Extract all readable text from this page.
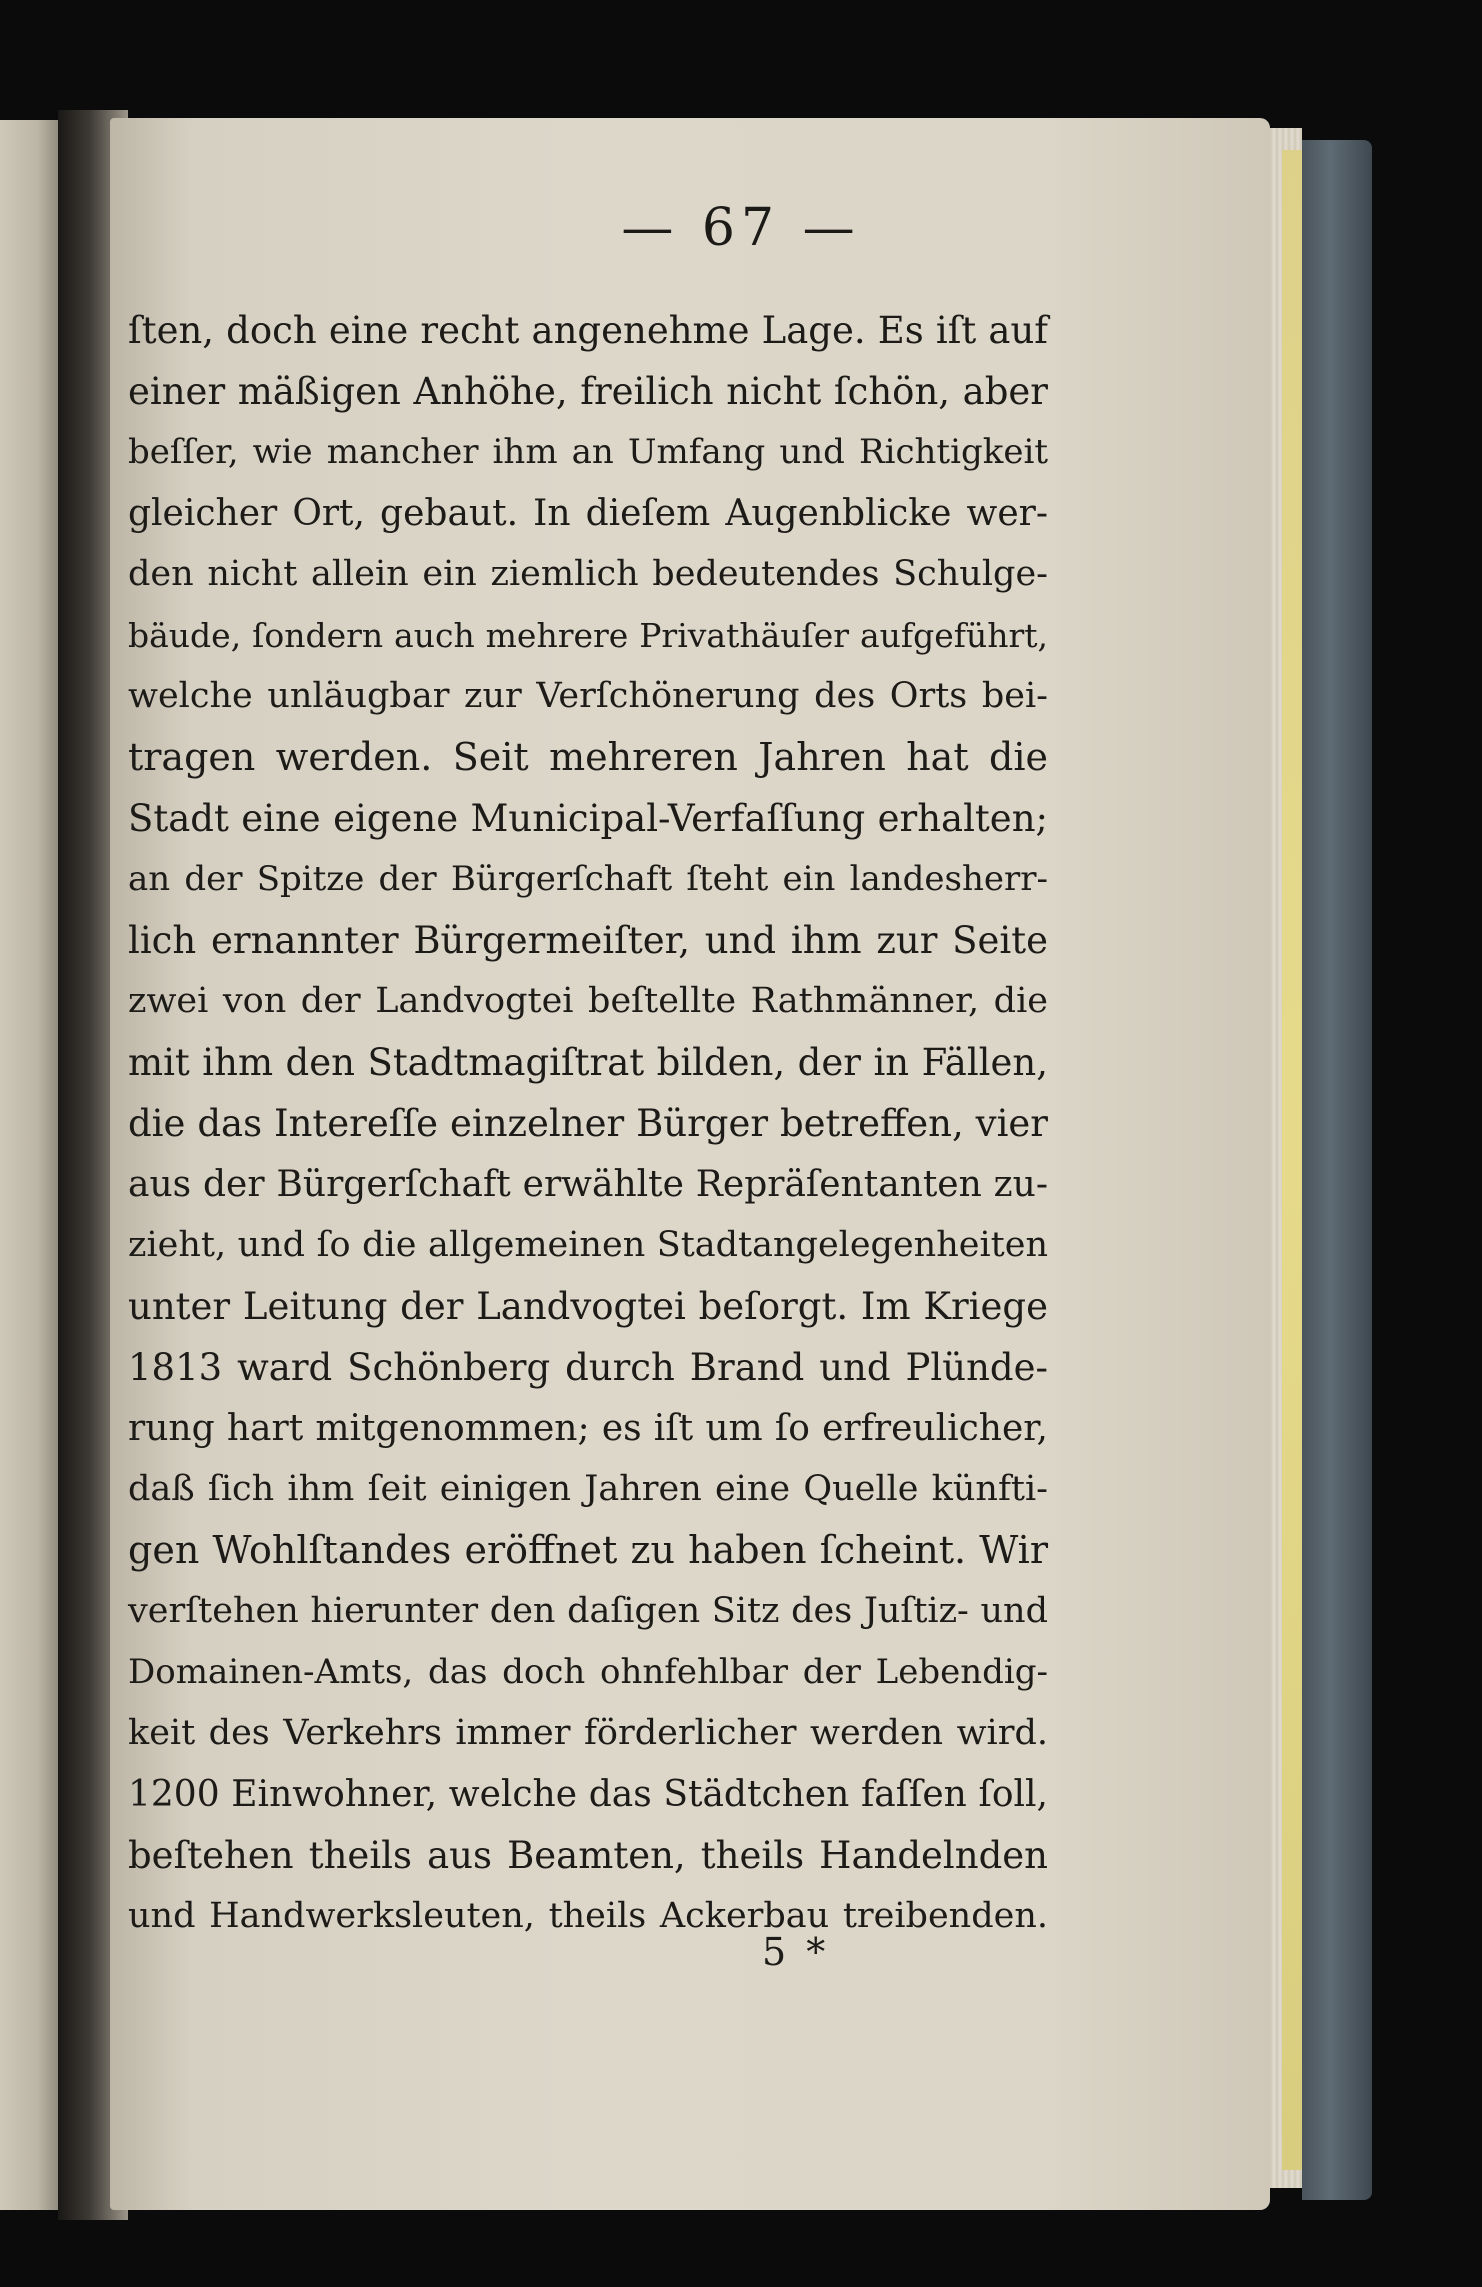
— 67 —
ſten, doch eine recht angenehme Lage. Es iſt auf
einer mäßigen Anhöhe, freilich nicht ſchön, aber
beſſer, wie mancher ihm an Umfang und Richtigkeit
gleicher Ort, gebaut. In dieſem Augenblicke wer-
den nicht allein ein ziemlich bedeutendes Schulge-
bäude, ſondern auch mehrere Privathäuſer aufgeführt,
welche unläugbar zur Verſchönerung des Orts bei-
tragen werden. Seit mehreren Jahren hat die
Stadt eine eigene Municipal-Verfaſſung erhalten;
an der Spitze der Bürgerſchaft ſteht ein landesherr-
lich ernannter Bürgermeiſter, und ihm zur Seite
zwei von der Landvogtei beſtellte Rathmänner, die
mit ihm den Stadtmagiſtrat bilden, der in Fällen,
die das Intereſſe einzelner Bürger betreffen, vier
aus der Bürgerſchaft erwählte Repräſentanten zu-
zieht, und ſo die allgemeinen Stadtangelegenheiten
unter Leitung der Landvogtei beſorgt. Im Kriege
1813 ward Schönberg durch Brand und Plünde-
rung hart mitgenommen; es iſt um ſo erfreulicher,
daß ſich ihm ſeit einigen Jahren eine Quelle künfti-
gen Wohlſtandes eröffnet zu haben ſcheint. Wir
verſtehen hierunter den daſigen Sitz des Juſtiz- und
Domainen-Amts, das doch ohnfehlbar der Lebendig-
keit des Verkehrs immer förderlicher werden wird.
1200 Einwohner, welche das Städtchen faſſen ſoll,
beſtehen theils aus Beamten, theils Handelnden
und Handwerksleuten, theils Ackerbau treibenden.
5 *
